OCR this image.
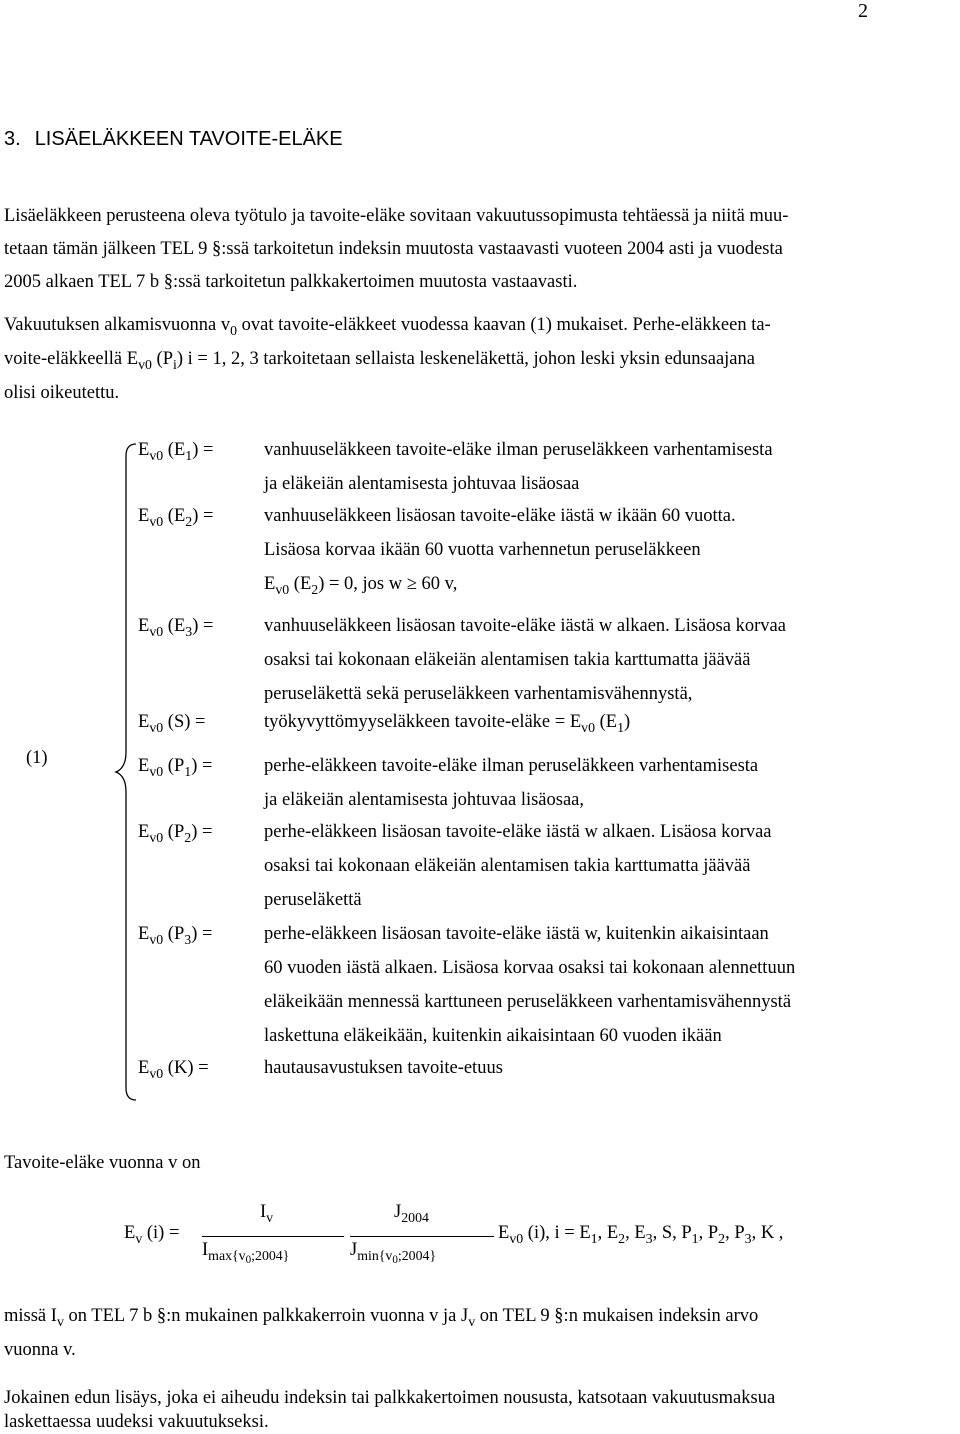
2
3. LISÄELÄKKEEN TAVOITE-ELÄKE
Lisäeläkkeen perusteena oleva työtulo ja tavoite-eläke sovitaan vakuutussopimusta tehtäessä ja niitä muu-
tetaan tämän jälkeen TEL 9 §:ssä tarkoitetun indeksin muutosta vastaavasti vuoteen 2004 asti ja vuodesta
2005 alkaen TEL 7 b §:ssä tarkoitetun palkkakertoimen muutosta vastaavasti.
Vakuutuksen alkamisvuonna $v_0$ ovat tavoite-eläkkeet vuodessa kaavan (1) mukaiset. Perhe-eläkkeen ta-
voite-eläkkeellä $E_{v0}$ $(P_i) i = 1$, 2, 3 tarkoitetaan sellaista leskeneläkettä, johon leski yksin edunsaajana
olisi oikeutettu.
(1)
$E_{v0}$ $(E_1)$ =	vanhuuseläkkeen tavoite-eläke ilman peruseläkkeen varhentamisesta
ja eläkeiän alentamisesta johtuvaa lisäosaa
$E_{v0}$ $(E_2)$ =	vanhuuseläkkeen lisäosan tavoite-eläke iästä w ikään 60 vuotta.
Lisäosa korvaa ikään 60 vuotta varhennetun peruseläkkeen
$E_{v0}$ $(E_2) = 0$, jos w ≥ 60 v,
$E_{v0}$ $(E_3)$ =	vanhuuseläkkeen lisäosan tavoite-eläke iästä w alkaen. Lisäosa korvaa
osaksi tai kokonaan eläkeiän alentamisen takia karttumatta jäävää
peruseläkettä sekä peruseläkkeen varhentamisvähennystä,
$E_{v0}$ (S) =	työkyvyttömyyseläkkeen tavoite-eläke = $E_{v0}$ $(E_1)$
$E_{v0}$ $(P_1)$ =	perhe-eläkkeen tavoite-eläke ilman peruseläkkeen varhentamisesta
ja eläkeiän alentamisesta johtuvaa lisäosaa,
$E_{v0}$ $(P_2)$ =	perhe-eläkkeen lisäosan tavoite-eläke iästä w alkaen. Lisäosa korvaa
osaksi tai kokonaan eläkeiän alentamisen takia karttumatta jäävää
peruseläkettä
$E_{v0}$ $(P_3)$ =	perhe-eläkkeen lisäosan tavoite-eläke iästä w, kuitenkin aikaisintaan
60 vuoden iästä alkaen. Lisäosa korvaa osaksi tai kokonaan alennettuun
eläkeikään mennessä karttuneen peruseläkkeen varhentamisvähennystä
laskettuna eläkeikään, kuitenkin aikaisintaan 60 vuoden ikään
$E_{v0}$ (K) =	hautausavustuksen tavoite-etuus
Tavoite-eläke vuonna v on
$E_v$ (i) =
$I_v$
$I_{max\{v0;2004\}}$
$J_{2004}$
$J_{min\{v0;2004\}}$
$E_{v0}$ (i), $i = E_1$, $E_2$, $E_3$, S, $P_1$, $P_2$, $P_3$, K ,
missä $I_v$ on TEL 7 b §:n mukainen palkkakerroin vuonna v ja $J_v$ on TEL 9 §:n mukaisen indeksin arvo
vuonna v.
Jokainen edun lisäys, joka ei aiheudu indeksin tai palkkakertoimen noususta, katsotaan vakuutusmaksua
laskettaessa uudeksi vakuutukseksi.
